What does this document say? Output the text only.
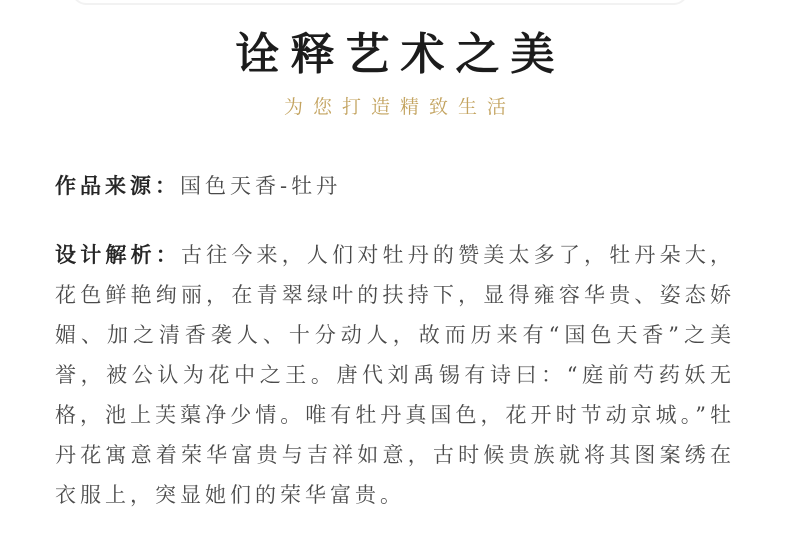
诠释艺术之美
为您打造精致生活
作品来源：国色天香-牡丹

设计解析：古往今来，人们对牡丹的赞美太多了，牡丹朵大，花色鲜艳绚丽，在青翠绿叶的扶持下，显得雍容华贵、姿态娇媚、加之清香袭人、十分动人，故而历来有“国色天香”之美誉，被公认为花中之王。唐代刘禹锡有诗曰：“庭前芍药妖无格，池上芙蕖净少情。唯有牡丹真国色，花开时节动京城。”牡丹花寓意着荣华富贵与吉祥如意，古时候贵族就将其图案绣在衣服上，突显她们的荣华富贵。
